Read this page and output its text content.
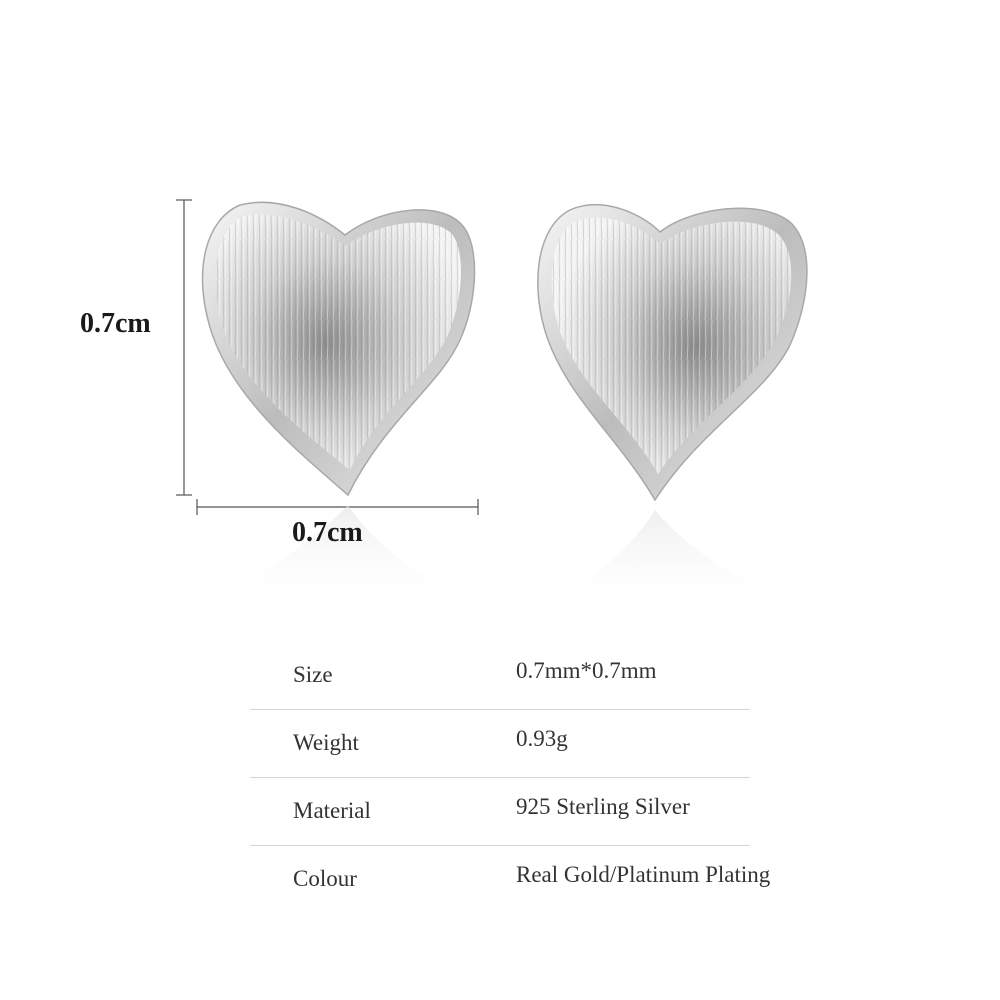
0.7cm
0.7cm
Size	0.7mm*0.7mm
Weight	0.93g
Material	925 Sterling Silver
Colour	Real Gold/Platinum Plating
